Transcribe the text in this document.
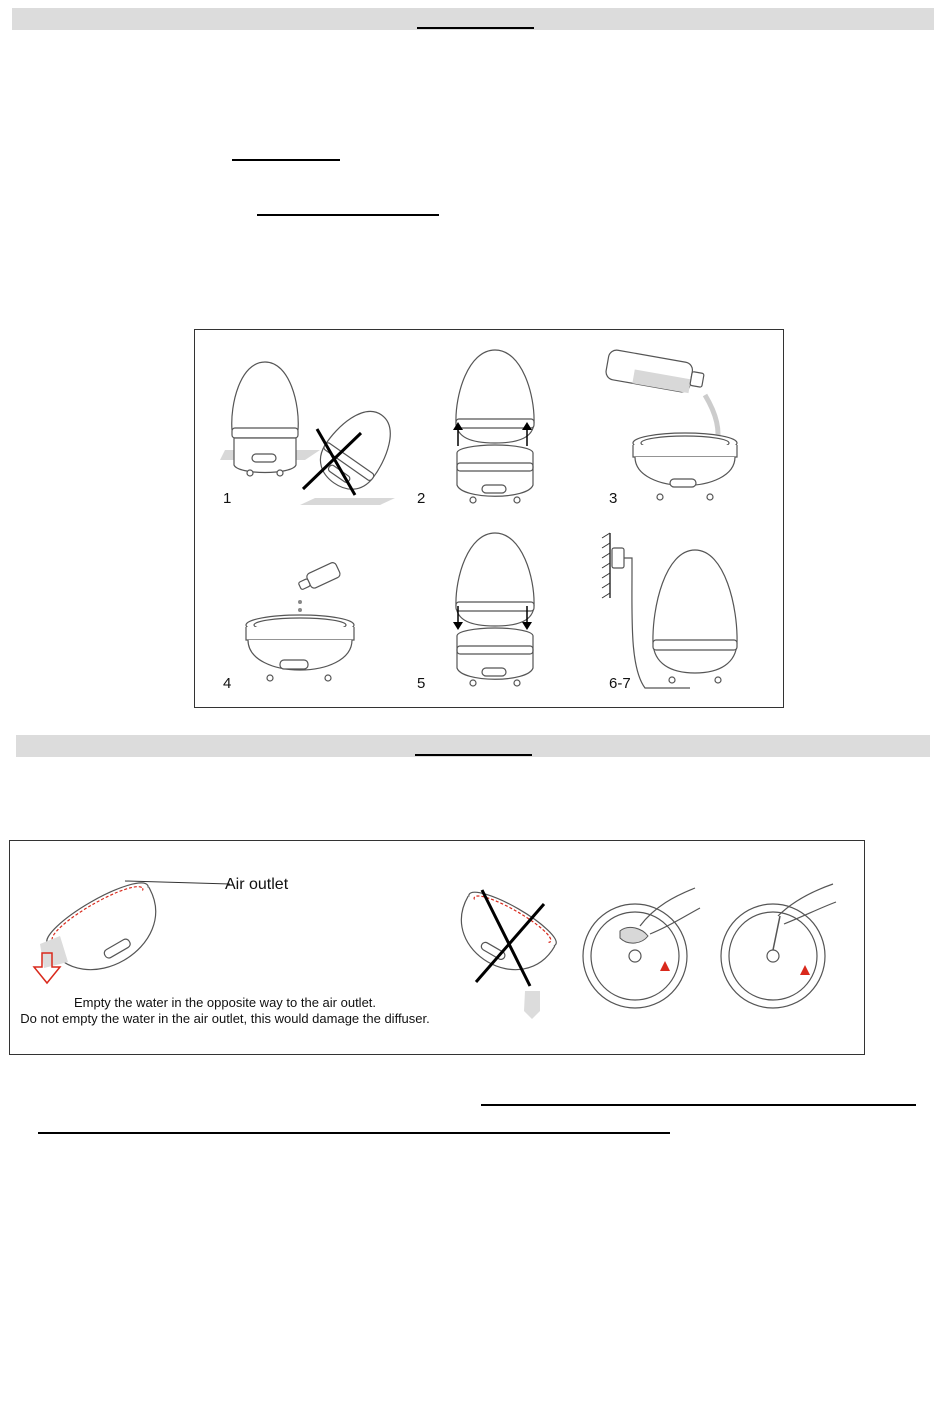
1	2	3
4	5	6-7
Air outlet
Empty the water in the opposite way to the air outlet.
Do not empty the water in the air outlet, this would damage the diffuser.
